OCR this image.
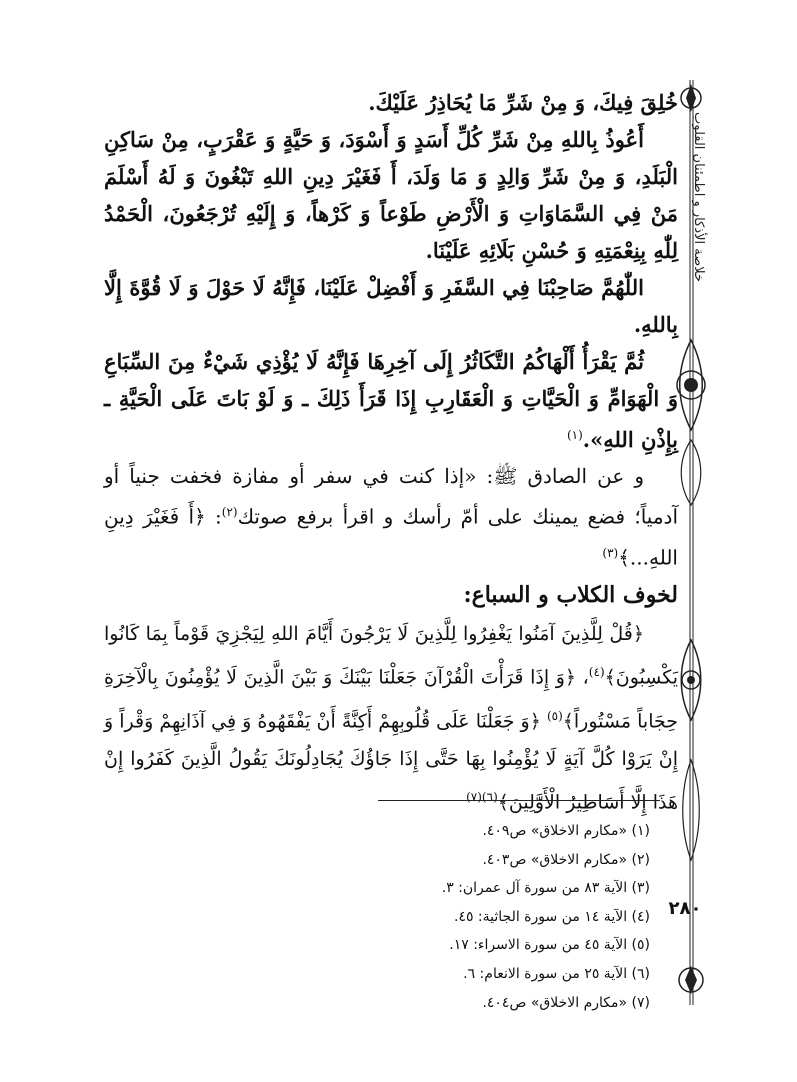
خلاصة الأذكار و اطمئنان القلوب

خُلِقَ فِيكَ، وَ مِنْ شَرِّ مَا يُحَاذِرُ عَلَيْكَ.

أَعُوذُ بِاللهِ مِنْ شَرِّ كُلِّ أَسَدٍ وَ أَسْوَدَ، وَ حَيَّةٍ وَ عَقْرَبٍ، مِنْ سَاكِنِ الْبَلَدِ، وَ مِنْ شَرِّ وَالِدٍ وَ مَا وَلَدَ، أَ فَغَيْرَ دِينِ اللهِ تَبْغُونَ وَ لَهُ أَسْلَمَ مَنْ فِي السَّمَاوَاتِ وَ الْأَرْضِ طَوْعاً وَ كَرْهاً، وَ إِلَيْهِ تُرْجَعُونَ، الْحَمْدُ لِلّٰهِ بِنِعْمَتِهِ وَ حُسْنِ بَلَائِهِ عَلَيْنَا.

اللّٰهُمَّ صَاحِبْنَا فِي السَّفَرِ وَ أَفْضِلْ عَلَيْنَا، فَإِنَّهُ لَا حَوْلَ وَ لَا قُوَّةَ إِلَّا بِاللهِ.

ثُمَّ يَقْرَأُ أَلْهَاكُمُ التَّكَاثُرُ إِلَى آخِرِهَا فَإِنَّهُ لَا يُؤْذِي شَيْءٌ مِنَ السِّبَاعِ وَ الْهَوَامِّ وَ الْحَيَّاتِ وَ الْعَقَارِبِ إِذَا قَرَأَ ذَلِكَ ـ وَ لَوْ بَاتَ عَلَى الْحَيَّةِ ـ بِإِذْنِ اللهِ».$^{(١)}$

و عن الصادق ﷺ: «إذا كنت في سفر أو مفازة فخفت جنياً أو آدمياً؛ فضع يمينك على أمّ رأسك و اقرأ برفع صوتك$^{(٢)}$: ﴿أَ فَغَيْرَ دِينِ اللهِ...﴾$^{(٣)}$

لخوف الكلاب و السباع:

﴿قُلْ لِلَّذِينَ آمَنُوا يَغْفِرُوا لِلَّذِينَ لَا يَرْجُونَ أَيَّامَ اللهِ لِيَجْزِيَ قَوْماً بِمَا كَانُوا يَكْسِبُونَ﴾$^{(٤)}$، ﴿وَ إِذَا قَرَأْتَ الْقُرْآنَ جَعَلْنَا بَيْنَكَ وَ بَيْنَ الَّذِينَ لَا يُؤْمِنُونَ بِالْآخِرَةِ حِجَاباً مَسْتُوراً﴾$^{(٥)}$ ﴿وَ جَعَلْنَا عَلَى قُلُوبِهِمْ أَكِنَّةً أَنْ يَفْقَهُوهُ وَ فِي آذَانِهِمْ وَقْراً وَ إِنْ يَرَوْا كُلَّ آيَةٍ لَا يُؤْمِنُوا بِهَا حَتَّى إِذَا جَاؤُكَ يُجَادِلُونَكَ يَقُولُ الَّذِينَ كَفَرُوا إِنْ هَذَا إِلَّا أَسَاطِيرُ الْأَوَّلِينَ﴾$^{(٦)(٧)}$

(١) «مكارم الاخلاق» ص٤٠٩.

(٢) «مكارم الاخلاق» ص٤٠٣.

(٣) الآية ٨٣ من سورة آل عمران: ٣.

(٤) الآية ١٤ من سورة الجاثية: ٤٥.

(٥) الآية ٤٥ من سورة الاسراء: ١٧.

(٦) الآية ٢٥ من سورة الانعام: ٦.

(٧) «مكارم الاخلاق» ص٤٠٤.

۲۸۰
